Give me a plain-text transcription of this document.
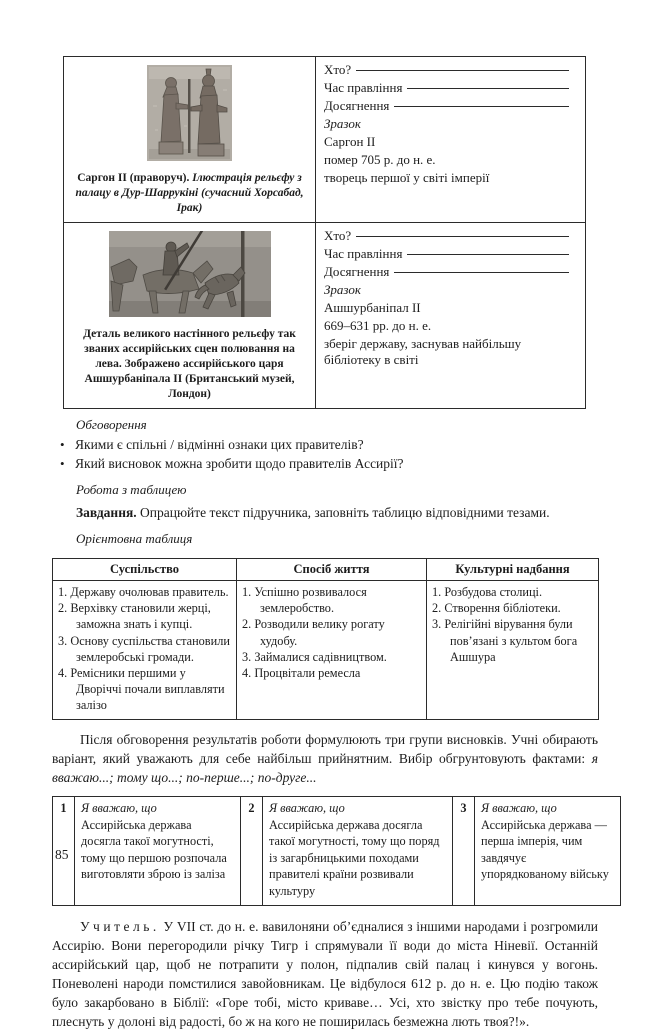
Саргон II (праворуч). Ілюстрація рельєфу з палацу в Дур-Шаррукіні (сучасний Хорсабад, Ірак)

Хто?
Час правління
Досягнення
Зразок
Саргон II
помер 705 р. до н. е.
творець першої у світі імперії

Деталь великого настінного рельєфу так званих ассирійських сцен полювання на лева. Зображено ассирійського царя Ашшурбаніпала II (Британський музей, Лондон)

Хто?
Час правління
Досягнення
Зразок
Ашшурбаніпал II
669–631 рр. до н. е.
зберіг державу, заснував найбільшу бібліотеку в світі
Обговорення
• Якими є спільні / відмінні ознаки цих правителів?
• Який висновок можна зробити щодо правителів Ассирії?
Робота з таблицею
Завдання. Опрацюйте текст підручника, заповніть таблицю відповідними тезами.
Орієнтовна таблиця
Суспільство	Спосіб життя	Культурні надбання

Державу очолював правитель.
Верхівку становили жерці, заможна знать і купці.
Основу суспільства становили землеробські громади.
Ремісники першими у Дворіччі почали виплавляти залізо

Успішно розвивалося землеробство.
Розводили велику рогату худобу.
Займалися садівництвом.
Процвітали ремесла

Розбудова столиці.
Створення бібліотеки.
Релігійні вірування були пов’язані з культом бога Ашшура

Після обговорення результатів роботи формулюють три групи висновків. Учні обирають варіант, який уважають для себе найбільш прийнятним. Вибір обгрунтовують фактами: я вважаю...; тому що...; по-перше...; по-друге...

1	Я вважаю, що
Ассирійська держава досягла такої могутності, тому що першою розпочала виготовляти зброю із заліза
	2	Я вважаю, що
Ассирійська держава досягла такої могутності, тому що поряд із загарбницькими походами правителі країни розвивали культуру
	3	Я вважаю, що
Ассирійська держава — перша імперія, чим завдячує упорядкованому війську

Учитель. У VII ст. до н. е. вавилоняни об’єдналися з іншими народами і розгромили Ассирію. Вони перегородили річку Тигр і спрямували її води до міста Ніневії. Останній ассирійський цар, щоб не потрапити у полон, підпалив свій палац і кинувся у вогонь. Поневолені народи помстилися завойовникам. Це відбулося 612 р. до н. е. Цю подію також було закарбовано в Біблії: «Горе тобі, місто криваве… Усі, хто звістку про тебе почують, плеснуть у долоні від радості, бо ж на кого не поширилась безмежна лють твоя?!».

85
